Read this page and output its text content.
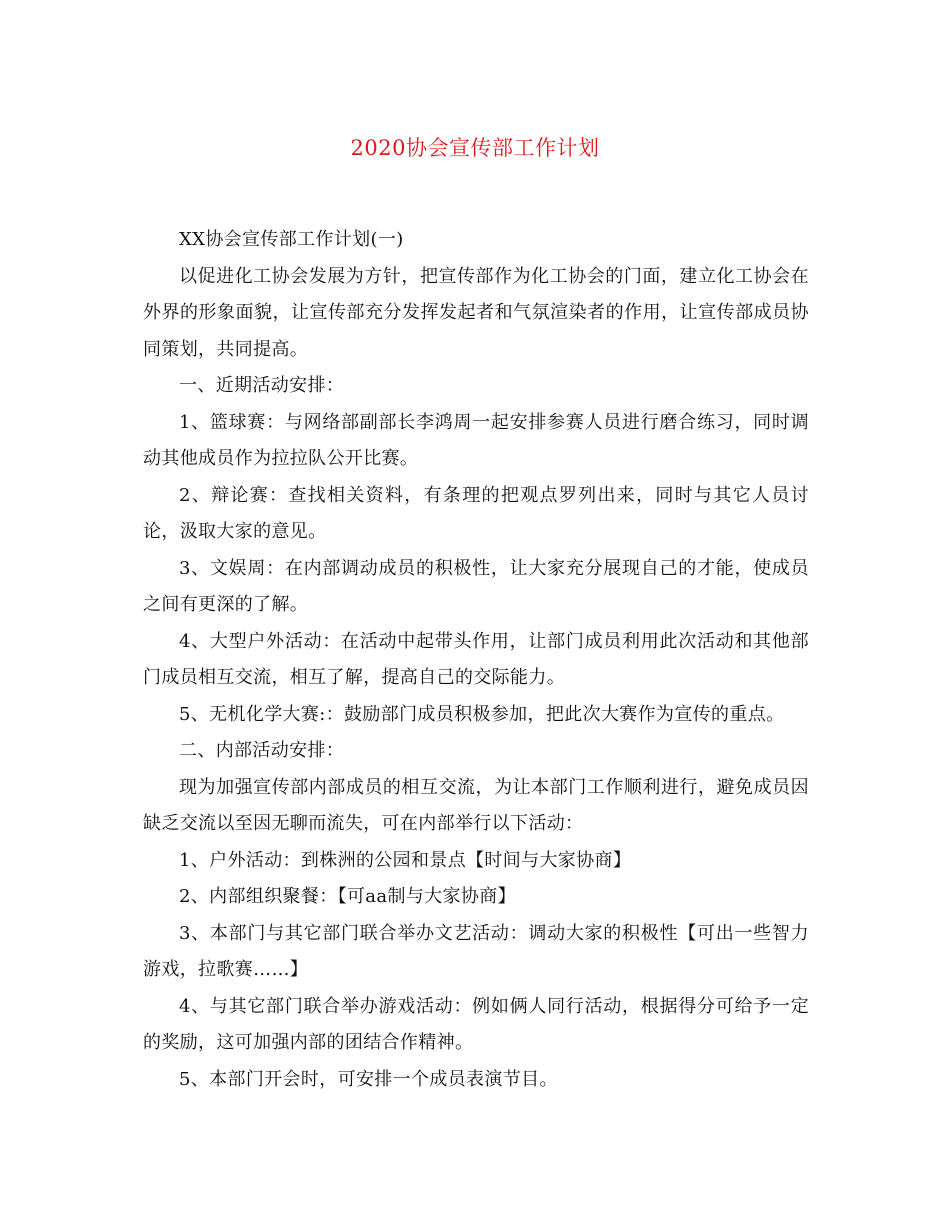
2020协会宣传部工作计划

XX协会宣传部工作计划(一)

以促进化工协会发展为方针，把宣传部作为化工协会的门面，建立化工协会在外界的形象面貌，让宣传部充分发挥发起者和气氛渲染者的作用，让宣传部成员协同策划，共同提高。

一、近期活动安排：

1、篮球赛：与网络部副部长李鸿周一起安排参赛人员进行磨合练习，同时调动其他成员作为拉拉队公开比赛。

2、辩论赛：查找相关资料，有条理的把观点罗列出来，同时与其它人员讨论，汲取大家的意见。

3、文娱周：在内部调动成员的积极性，让大家充分展现自己的才能，使成员之间有更深的了解。

4、大型户外活动：在活动中起带头作用，让部门成员利用此次活动和其他部门成员相互交流，相互了解，提高自己的交际能力。

5、无机化学大赛:：鼓励部门成员积极参加，把此次大赛作为宣传的重点。

二、内部活动安排：

现为加强宣传部内部成员的相互交流，为让本部门工作顺利进行，避免成员因缺乏交流以至因无聊而流失，可在内部举行以下活动：

1、户外活动：到株洲的公园和景点【时间与大家协商】

2、内部组织聚餐：【可aa制与大家协商】

3、本部门与其它部门联合举办文艺活动：调动大家的积极性【可出一些智力游戏，拉歌赛……】

4、与其它部门联合举办游戏活动：例如俩人同行活动，根据得分可给予一定的奖励，这可加强内部的团结合作精神。

5、本部门开会时，可安排一个成员表演节目。
